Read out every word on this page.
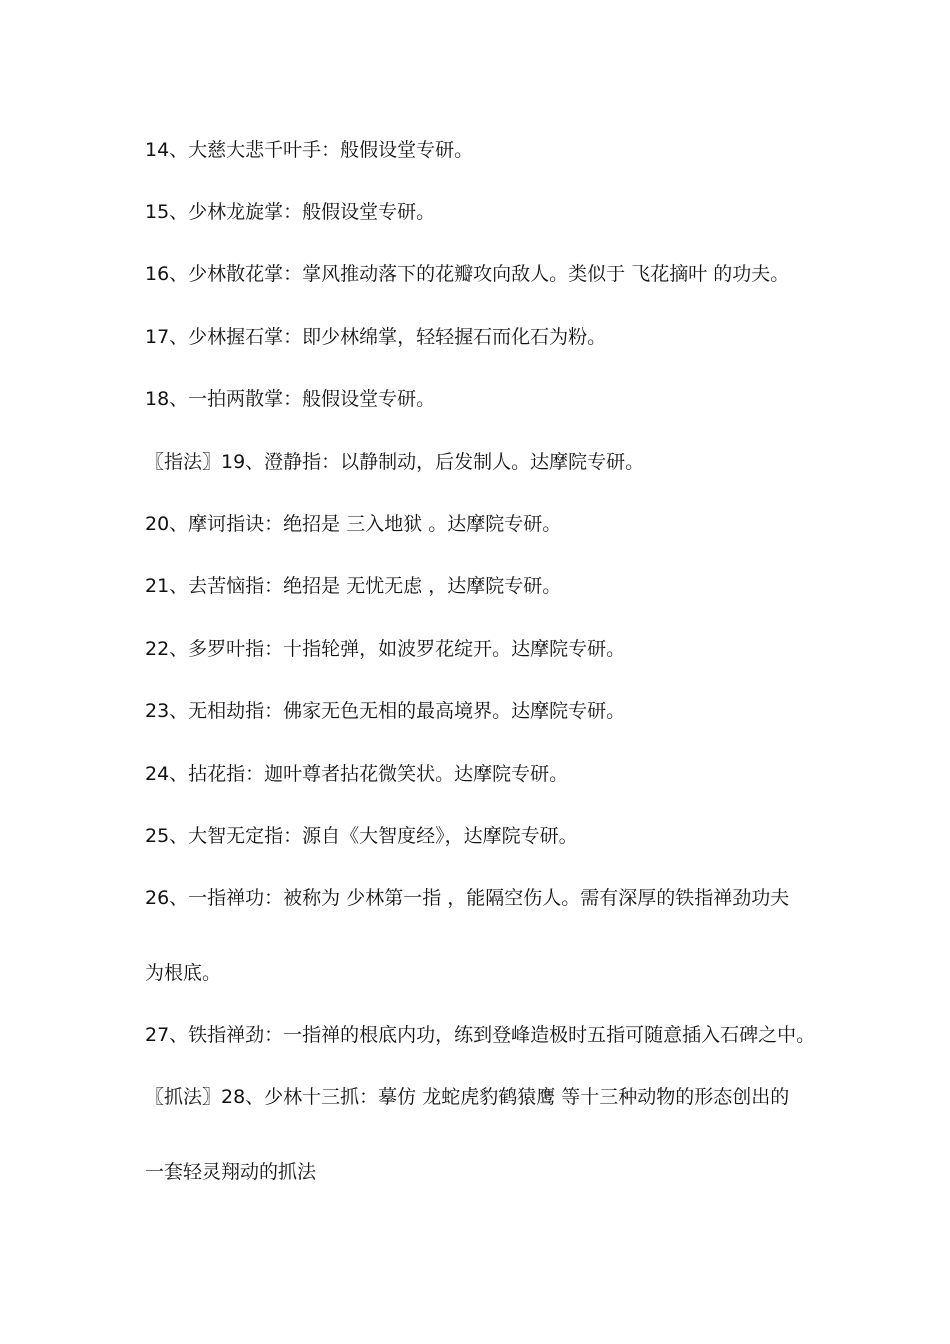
14、大慈大悲千叶手：般假设堂专研。
15、少林龙旋掌：般假设堂专研。
16、少林散花掌：掌风推动落下的花瓣攻向敌人。类似于 飞花摘叶 的功夫。
17、少林握石掌：即少林绵掌，轻轻握石而化石为粉。
18、一拍两散掌：般假设堂专研。
〖指法〗19、澄静指：以静制动，后发制人。达摩院专研。
20、摩诃指诀：绝招是 三入地狱 。达摩院专研。
21、去苦恼指：绝招是 无忧无虑 ，达摩院专研。
22、多罗叶指：十指轮弹，如波罗花绽开。达摩院专研。
23、无相劫指：佛家无色无相的最高境界。达摩院专研。
24、拈花指：迦叶尊者拈花微笑状。达摩院专研。
25、大智无定指：源自《大智度经》，达摩院专研。
26、一指禅功：被称为 少林第一指 ，能隔空伤人。需有深厚的铁指禅劲功夫
为根底。
27、铁指禅劲：一指禅的根底内功，练到登峰造极时五指可随意插入石碑之中。
〖抓法〗28、少林十三抓：摹仿 龙蛇虎豹鹤猿鹰 等十三种动物的形态创出的
一套轻灵翔动的抓法
